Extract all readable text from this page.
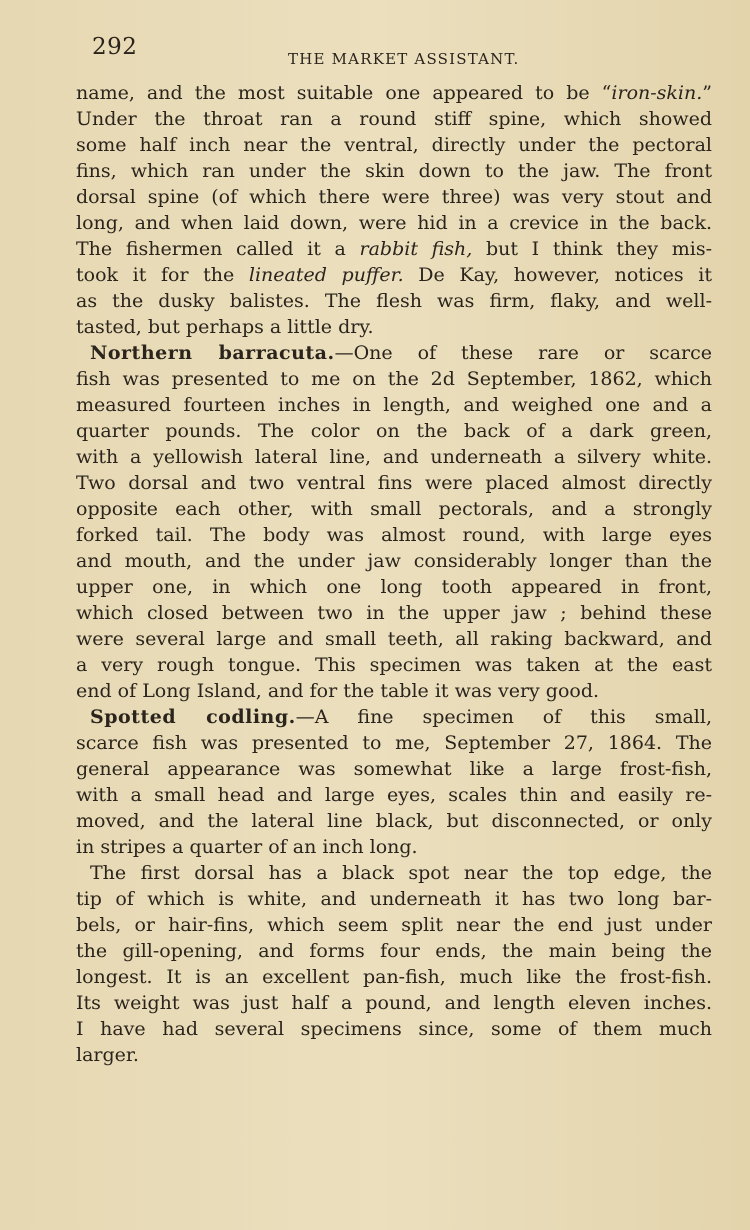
292	THE MARKET ASSISTANT.
name, and the most suitable one appeared to be “iron-skin.”
Under the throat ran a round stiff spine, which showed
some half inch near the ventral, directly under the pectoral
fins, which ran under the skin down to the jaw. The front
dorsal spine (of which there were three) was very stout and
long, and when laid down, were hid in a crevice in the back.
The fishermen called it a rabbit fish, but I think they mis-
took it for the lineated puffer. De Kay, however, notices it
as the dusky balistes. The flesh was firm, flaky, and well-
tasted, but perhaps a little dry.
Northern barracuta.—One of these rare or scarce
fish was presented to me on the 2d September, 1862, which
measured fourteen inches in length, and weighed one and a
quarter pounds. The color on the back of a dark green,
with a yellowish lateral line, and underneath a silvery white.
Two dorsal and two ventral fins were placed almost directly
opposite each other, with small pectorals, and a strongly
forked tail. The body was almost round, with large eyes
and mouth, and the under jaw considerably longer than the
upper one, in which one long tooth appeared in front,
which closed between two in the upper jaw ; behind these
were several large and small teeth, all raking backward, and
a very rough tongue. This specimen was taken at the east
end of Long Island, and for the table it was very good.
Spotted codling.—A fine specimen of this small,
scarce fish was presented to me, September 27, 1864. The
general appearance was somewhat like a large frost-fish,
with a small head and large eyes, scales thin and easily re-
moved, and the lateral line black, but disconnected, or only
in stripes a quarter of an inch long.
The first dorsal has a black spot near the top edge, the
tip of which is white, and underneath it has two long bar-
bels, or hair-fins, which seem split near the end just under
the gill-opening, and forms four ends, the main being the
longest. It is an excellent pan-fish, much like the frost-fish.
Its weight was just half a pound, and length eleven inches.
I have had several specimens since, some of them much
larger.
